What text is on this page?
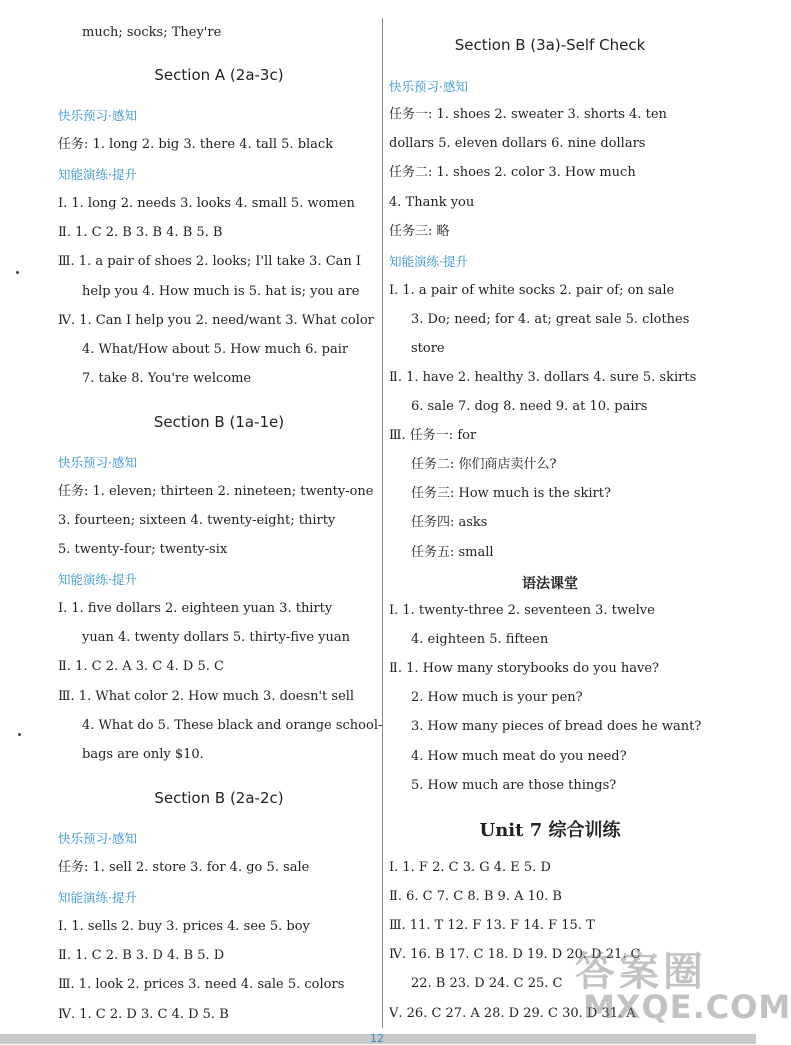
much; socks; They're
Section A (2a-3c)
快乐预习·感知
任务: 1. long 2. big 3. there 4. tall 5. black
知能演练·提升
Ⅰ. 1. long 2. needs 3. looks 4. small 5. women
Ⅱ. 1. C 2. B 3. B 4. B 5. B
Ⅲ. 1. a pair of shoes 2. looks; I'll take 3. Can I
help you 4. How much is 5. hat is; you are
Ⅳ. 1. Can I help you 2. need/want 3. What color
4. What/How about 5. How much 6. pair
7. take 8. You're welcome
Section B (1a-1e)
快乐预习·感知
任务: 1. eleven; thirteen 2. nineteen; twenty-one
3. fourteen; sixteen 4. twenty-eight; thirty
5. twenty-four; twenty-six
知能演练·提升
Ⅰ. 1. five dollars 2. eighteen yuan 3. thirty
yuan 4. twenty dollars 5. thirty-five yuan
Ⅱ. 1. C 2. A 3. C 4. D 5. C
Ⅲ. 1. What color 2. How much 3. doesn't sell
4. What do 5. These black and orange school-
bags are only $10.
Section B (2a-2c)
快乐预习·感知
任务: 1. sell 2. store 3. for 4. go 5. sale
知能演练·提升
Ⅰ. 1. sells 2. buy 3. prices 4. see 5. boy
Ⅱ. 1. C 2. B 3. D 4. B 5. D
Ⅲ. 1. look 2. prices 3. need 4. sale 5. colors
Ⅳ. 1. C 2. D 3. C 4. D 5. B
Section B (3a)-Self Check
快乐预习·感知
任务一: 1. shoes 2. sweater 3. shorts 4. ten
dollars 5. eleven dollars 6. nine dollars
任务二: 1. shoes 2. color 3. How much
4. Thank you
任务三: 略
知能演练·提升
Ⅰ. 1. a pair of white socks 2. pair of; on sale
3. Do; need; for 4. at; great sale 5. clothes
store
Ⅱ. 1. have 2. healthy 3. dollars 4. sure 5. skirts
6. sale 7. dog 8. need 9. at 10. pairs
Ⅲ. 任务一: for
任务二: 你们商店卖什么?
任务三: How much is the skirt?
任务四: asks
任务五: small
语法课堂
Ⅰ. 1. twenty-three 2. seventeen 3. twelve
4. eighteen 5. fifteen
Ⅱ. 1. How many storybooks do you have?
2. How much is your pen?
3. How many pieces of bread does he want?
4. How much meat do you need?
5. How much are those things?
Unit 7 综合训练
Ⅰ. 1. F 2. C 3. G 4. E 5. D
Ⅱ. 6. C 7. C 8. B 9. A 10. B
Ⅲ. 11. T 12. F 13. F 14. F 15. T
Ⅳ. 16. B 17. C 18. D 19. D 20. D 21. C
22. B 23. D 24. C 25. C
Ⅴ. 26. C 27. A 28. D 29. C 30. D 31. A
答案圈
MXQE.COM
12
